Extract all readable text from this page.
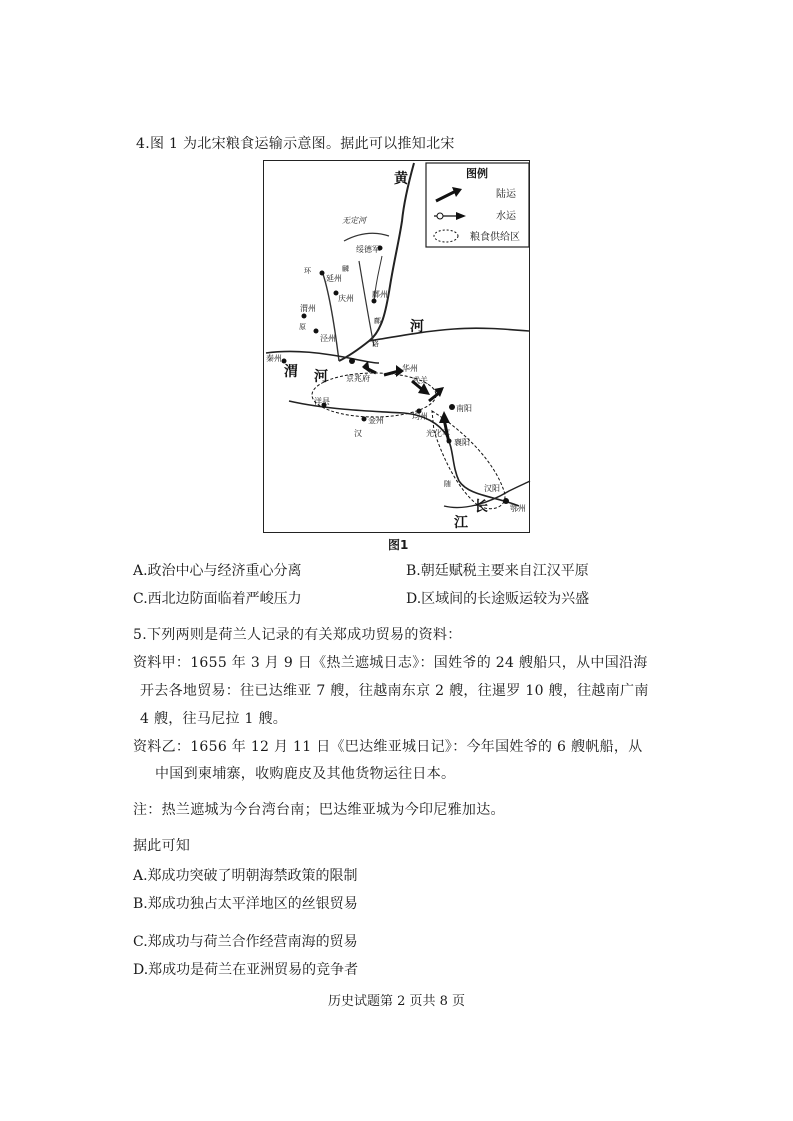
4.图 1 为北宋粮食运输示意图。据此可以推知北宋
图例
陆运
水运
粮食供给区
黄
河
渭 河
长
江
无定河
绥德军
麟
鄜州
延州
庆州
渭州
原
泾州
鄜
洛
环
秦州
京兆府
华州
武关
南阳
洋县
金州	均州
光化军
襄阳
汉
汉阳
鄂州
随
图1
A.政治中心与经济重心分离	B.朝廷赋税主要来自江汉平原
C.西北边防面临着严峻压力	D.区域间的长途贩运较为兴盛
5.下列两则是荷兰人记录的有关郑成功贸易的资料：
资料甲：1655 年 3 月 9 日《热兰遮城日志》：国姓爷的 24 艘船只，从中国沿海
开去各地贸易：往已达维亚 7 艘，往越南东京 2 艘，往暹罗 10 艘，往越南广南
4 艘，往马尼拉 1 艘。
资料乙：1656 年 12 月 11 日《巴达维亚城日记》：今年国姓爷的 6 艘帆船，从
中国到柬埔寨，收购鹿皮及其他货物运往日本。
注：热兰遮城为今台湾台南；巴达维亚城为今印尼雅加达。
据此可知
A.郑成功突破了明朝海禁政策的限制
B.郑成功独占太平洋地区的丝银贸易
C.郑成功与荷兰合作经营南海的贸易
D.郑成功是荷兰在亚洲贸易的竞争者
历史试题第 2 页共 8 页
